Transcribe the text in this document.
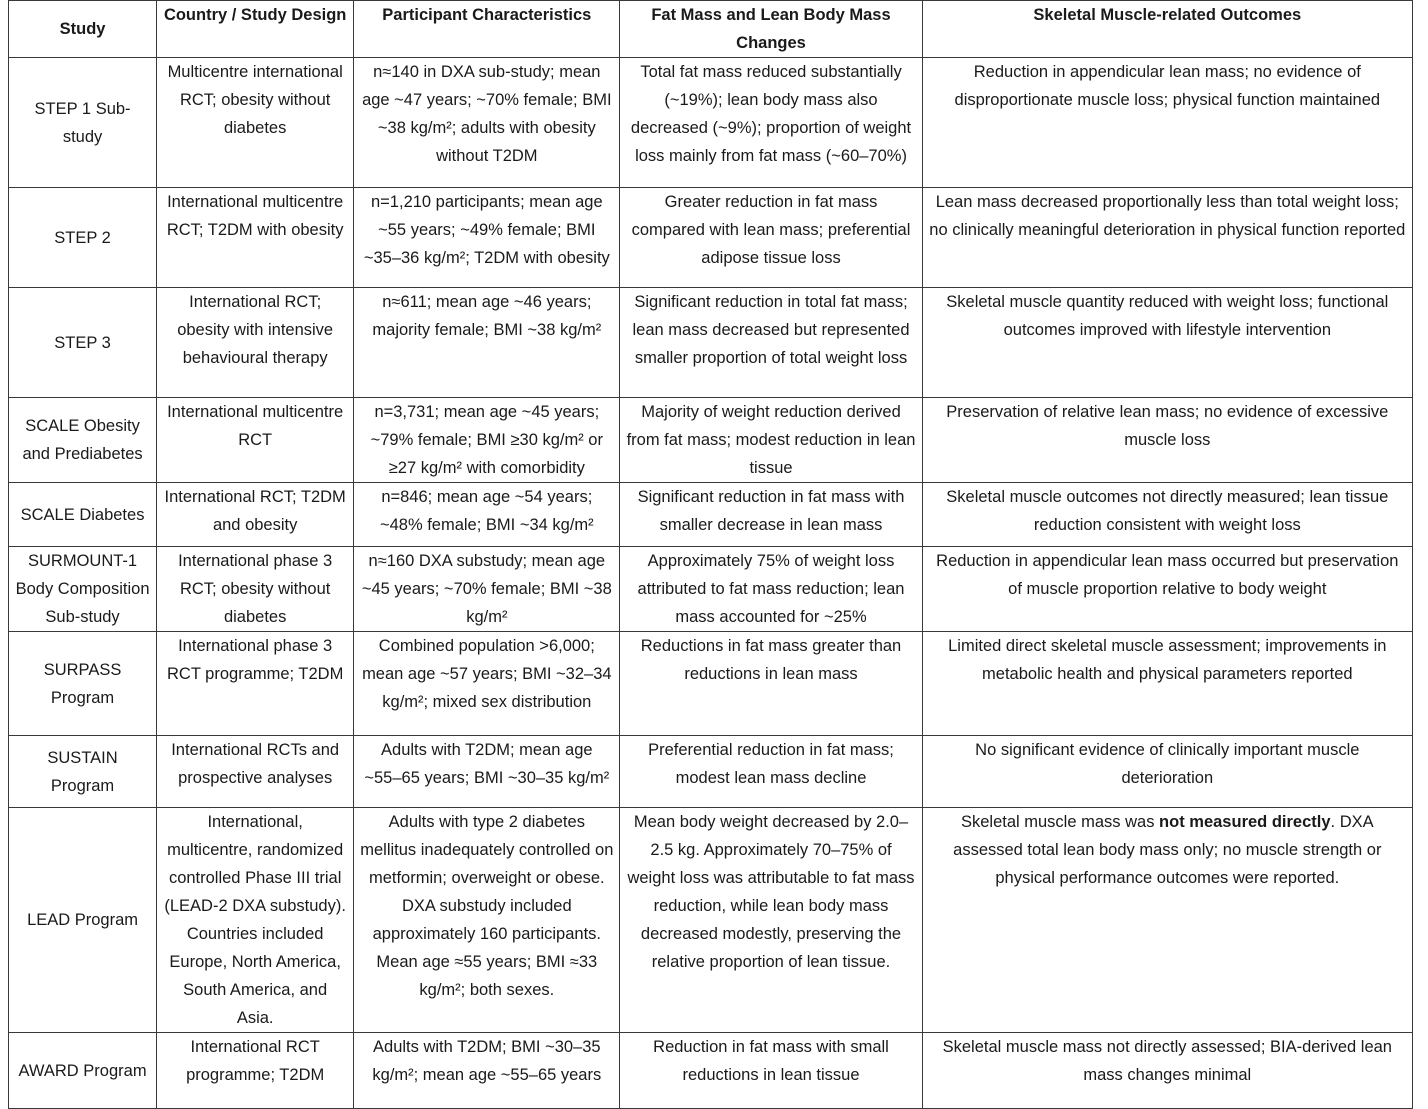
Study	Country / Study Design	Participant Characteristics	Fat Mass and Lean Body Mass Changes	Skeletal Muscle-related Outcomes
STEP 1 Sub-study	Multicentre international RCT; obesity without diabetes	n≈140 in DXA sub-study; mean age ~47 years; ~70% female; BMI ~38 kg/m²; adults with obesity without T2DM	Total fat mass reduced substantially (~19%); lean body mass also decreased (~9%); proportion of weight loss mainly from fat mass (~60–70%)	Reduction in appendicular lean mass; no evidence of disproportionate muscle loss; physical function maintained
STEP 2	International multicentre RCT; T2DM with obesity	n=1,210 participants; mean age ~55 years; ~49% female; BMI ~35–36 kg/m²; T2DM with obesity	Greater reduction in fat mass compared with lean mass; preferential adipose tissue loss	Lean mass decreased proportionally less than total weight loss; no clinically meaningful deterioration in physical function reported
STEP 3	International RCT; obesity with intensive behavioural therapy	n≈611; mean age ~46 years; majority female; BMI ~38 kg/m²	Significant reduction in total fat mass; lean mass decreased but represented smaller proportion of total weight loss	Skeletal muscle quantity reduced with weight loss; functional outcomes improved with lifestyle intervention
SCALE Obesity and Prediabetes	International multicentre RCT	n=3,731; mean age ~45 years; ~79% female; BMI ≥30 kg/m² or ≥27 kg/m² with comorbidity	Majority of weight reduction derived from fat mass; modest reduction in lean tissue	Preservation of relative lean mass; no evidence of excessive muscle loss
SCALE Diabetes	International RCT; T2DM and obesity	n=846; mean age ~54 years; ~48% female; BMI ~34 kg/m²	Significant reduction in fat mass with smaller decrease in lean mass	Skeletal muscle outcomes not directly measured; lean tissue reduction consistent with weight loss
SURMOUNT-1 Body Composition Sub-study	International phase 3 RCT; obesity without diabetes	n≈160 DXA substudy; mean age ~45 years; ~70% female; BMI ~38 kg/m²	Approximately 75% of weight loss attributed to fat mass reduction; lean mass accounted for ~25%	Reduction in appendicular lean mass occurred but preservation of muscle proportion relative to body weight
SURPASS Program	International phase 3 RCT programme; T2DM	Combined population >6,000; mean age ~57 years; BMI ~32–34 kg/m²; mixed sex distribution	Reductions in fat mass greater than reductions in lean mass	Limited direct skeletal muscle assessment; improvements in metabolic health and physical parameters reported
SUSTAIN Program	International RCTs and prospective analyses	Adults with T2DM; mean age ~55–65 years; BMI ~30–35 kg/m²	Preferential reduction in fat mass; modest lean mass decline	No significant evidence of clinically important muscle deterioration
LEAD Program	International, multicentre, randomized controlled Phase III trial (LEAD-2 DXA substudy). Countries included Europe, North America, South America, and Asia.	Adults with type 2 diabetes mellitus inadequately controlled on metformin; overweight or obese. DXA substudy included approximately 160 participants. Mean age ≈55 years; BMI ≈33 kg/m²; both sexes.	Mean body weight decreased by 2.0–2.5 kg. Approximately 70–75% of weight loss was attributable to fat mass reduction, while lean body mass decreased modestly, preserving the relative proportion of lean tissue.	Skeletal muscle mass was not measured directly. DXA assessed total lean body mass only; no muscle strength or physical performance outcomes were reported.
AWARD Program	International RCT programme; T2DM	Adults with T2DM; BMI ~30–35 kg/m²; mean age ~55–65 years	Reduction in fat mass with small reductions in lean tissue	Skeletal muscle mass not directly assessed; BIA-derived lean mass changes minimal
